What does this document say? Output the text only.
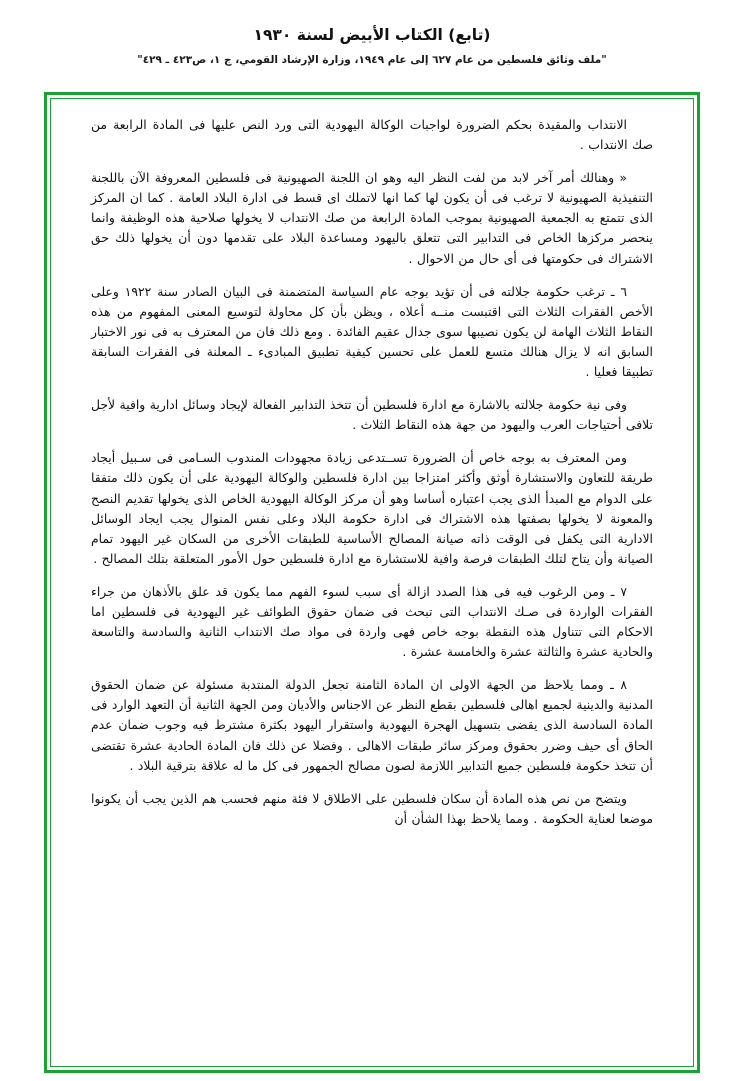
(تابع) الكتاب الأبيض لسنة ١٩٣٠
"ملف وثائق فلسطين من عام ٦٢٧ إلى عام ١٩٤٩، وزارة الإرشاد القومي، ج ١، ص٤٢٣ ـ ٤٢٩"

الانتداب والمقيدة بحكم الضرورة لواجبات الوكالة اليهودية التى ورد النص عليها فى المادة الرابعة من صك الانتداب .

« وهنالك أمر آخر لابد من لفت النظر اليه وهو ان اللجنة الصهيونية فى فلسطين المعروفة الآن باللجنة التنفيذية الصهيونية لا ترغب فى أن يكون لها كما انها لاتملك اى قسط فى ادارة البلاد العامة . كما ان المركز الذى تتمتع به الجمعية الصهيونية بموجب المادة الرابعة من صك الانتداب لا يخولها صلاحية هذه الوظيفة وانما ينحصر مركزها الخاص فى التدابير التى تتعلق باليهود ومساعدة البلاد على تقدمها دون أن يخولها ذلك حق الاشتراك فى حكومتها فى أى حال من الاحوال .

٦ ـ ترغب حكومة جلالته فى أن تؤيد بوجه عام السياسة المتضمنة فى البيان الصادر سنة ١٩٢٢ وعلى الأخص الفقرات الثلاث التى اقتبست منــه أعلاه ، ويظن بأن كل محاولة لتوسيع المعنى المفهوم من هذه النقاط الثلاث الهامة لن يكون نصيبها سوى جدال عقيم الفائدة . ومع ذلك فان من المعترف به فى نور الاختبار السابق انه لا يزال هنالك متسع للعمل على تحسين كيفية تطبيق المبادىء ـ المعلنة فى الفقرات السابقة تطبيقا فعليا .

وفى نية حكومة جلالته بالاشارة مع ادارة فلسطين أن تتخذ التدابير الفعالة لإيجاد وسائل ادارية وافية لأجل تلافى أحتياجات العرب واليهود من جهة هذه النقاط الثلاث .

ومن المعترف به بوجه خاص أن الضرورة تســتدعى زيادة مجهودات المندوب السـامى فى سـبيل أيجاد طريقة للتعاون والاستشارة أوثق وأكثر امتزاجا بين ادارة فلسطين والوكالة اليهودية على أن يكون ذلك متفقا على الدوام مع المبدأ الذى يجب اعتباره أساسا وهو أن مركز الوكالة اليهودية الخاص الذى يخولها تقديم النصح والمعونة لا يخولها بصفتها هذه الاشتراك فى ادارة حكومة البلاد وعلى نفس المنوال يجب ايجاد الوسائل الادارية التى يكفل فى الوقت ذاته صيانة المصالح الأساسية للطبقات الأخرى من السكان غير اليهود تمام الصيانة وأن يتاح لتلك الطبقات فرصة وافية للاستشارة مع ادارة فلسطين حول الأمور المتعلقة بتلك المصالح .

٧ ـ ومن الرغوب فيه فى هذا الصدد ازالة أى سبب لسوء الفهم مما يكون قد علق بالأذهان من جراء الفقرات الواردة فى صـك الانتداب التى تبحث فى ضمان حقوق الطوائف غير اليهودية فى فلسطين اما الاحكام التى تتناول هذه النقطة بوجه خاص فهى واردة فى مواد صك الانتداب الثانية والسادسة والتاسعة والحادية عشرة والثالثة عشرة والخامسة عشرة .

٨ ـ ومما يلاحظ من الجهة الاولى ان المادة الثامنة تجعل الدولة المنتدبة مسئولة عن ضمان الحقوق المدنية والدينية لجميع اهالى فلسطين بقطع النظر عن الاجناس والأديان ومن الجهة الثانية أن التعهد الوارد فى المادة السادسة الذى يقضى بتسهيل الهجرة اليهودية واستقرار اليهود بكثرة مشترط فيه وجوب ضمان عدم الحاق أى حيف وضرر بحقوق ومركز سائر طبقات الاهالى . وفضلا عن ذلك فان المادة الحادية عشرة تقتضى أن تتخذ حكومة فلسطين جميع التدابير اللازمة لصون مصالح الجمهور فى كل ما له علاقة بترقية البلاد .

ويتضح من نص هذه المادة أن سكان فلسطين على الاطلاق لا فئة منهم فحسب هم الذين يجب أن يكونوا موضعا لعناية الحكومة . ومما يلاحظ بهذا الشأن أن
